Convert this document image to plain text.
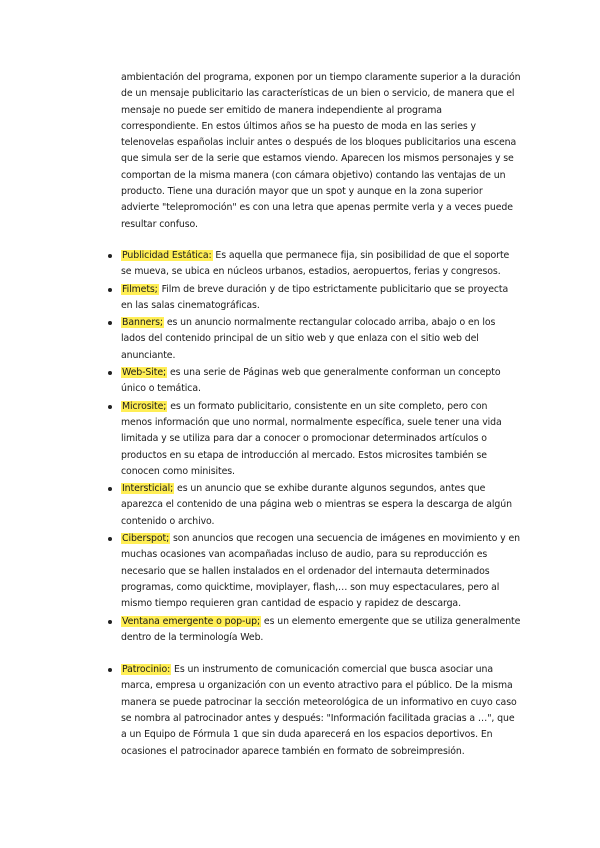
ambientación del programa, exponen por un tiempo claramente superior a la duración de un mensaje publicitario las características de un bien o servicio, de manera que el mensaje no puede ser emitido de manera independiente al programa correspondiente. En estos últimos años se ha puesto de moda en las series y telenovelas españolas incluir antes o después de los bloques publicitarios una escena que simula ser de la serie que estamos viendo. Aparecen los mismos personajes y se comportan de la misma manera (con cámara objetivo) contando las ventajas de un producto. Tiene una duración mayor que un spot y aunque en la zona superior advierte "telepromoción" es con una letra que apenas permite verla y a veces puede resultar confuso.

Publicidad Estática: Es aquella que permanece fija, sin posibilidad de que el soporte se mueva, se ubica en núcleos urbanos, estadios, aeropuertos, ferias y congresos.
Filmets; Film de breve duración y de tipo estrictamente publicitario que se proyecta en las salas cinematográficas.
Banners; es un anuncio normalmente rectangular colocado arriba, abajo o en los lados del contenido principal de un sitio web y que enlaza con el sitio web del anunciante.
Web-Site; es una serie de Páginas web que generalmente conforman un concepto único o temática.
Microsite; es un formato publicitario, consistente en un site completo, pero con menos información que uno normal, normalmente específica, suele tener una vida limitada y se utiliza para dar a conocer o promocionar determinados artículos o productos en su etapa de introducción al mercado. Estos microsites también se conocen como minisites.
Intersticial; es un anuncio que se exhibe durante algunos segundos, antes que aparezca el contenido de una página web o mientras se espera la descarga de algún contenido o archivo.
Ciberspot; son anuncios que recogen una secuencia de imágenes en movimiento y en muchas ocasiones van acompañadas incluso de audio, para su reproducción es necesario que se hallen instalados en el ordenador del internauta determinados programas, como quicktime, moviplayer, flash,… son muy espectaculares, pero al mismo tiempo requieren gran cantidad de espacio y rapidez de descarga.
Ventana emergente o pop-up; es un elemento emergente que se utiliza generalmente dentro de la terminología Web.
Patrocinio: Es un instrumento de comunicación comercial que busca asociar una marca, empresa u organización con un evento atractivo para el público. De la misma manera se puede patrocinar la sección meteorológica de un informativo en cuyo caso se nombra al patrocinador antes y después: "Información facilitada gracias a …", que a un Equipo de Fórmula 1 que sin duda aparecerá en los espacios deportivos. En ocasiones el patrocinador aparece también en formato de sobreimpresión.
